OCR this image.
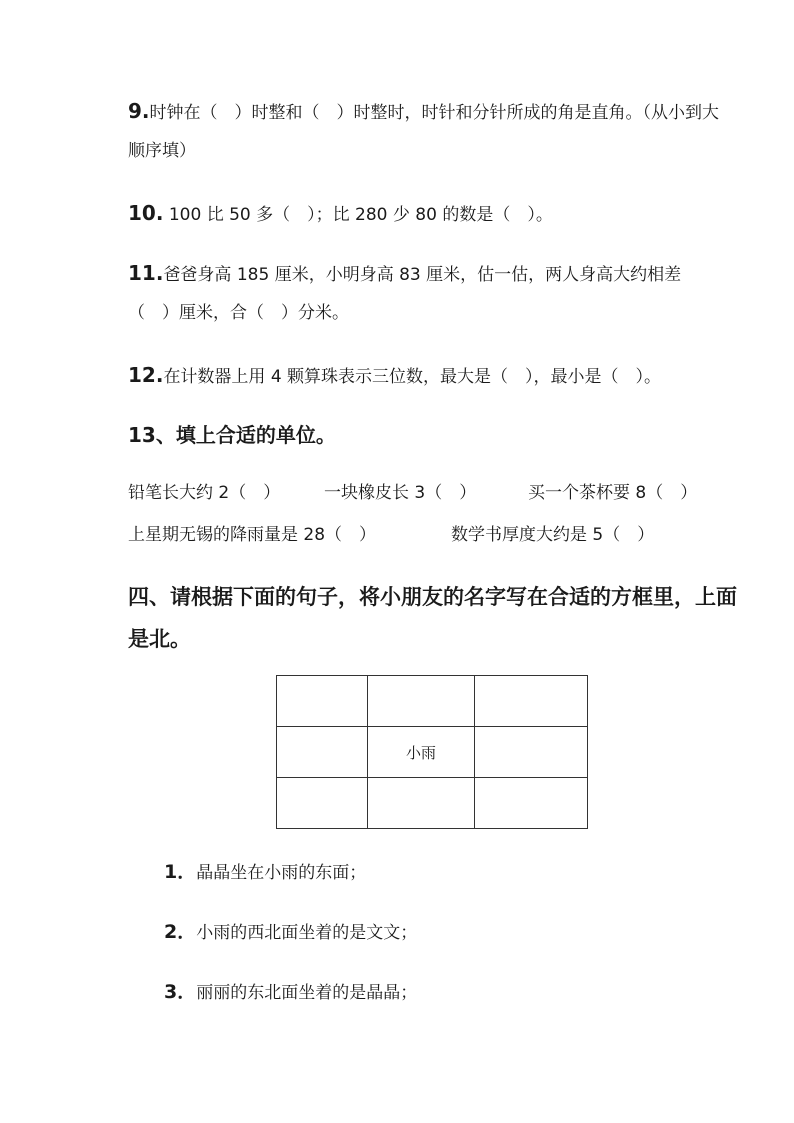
9.时钟在（　）时整和（　）时整时，时针和分针所成的角是直角。（从小到大
顺序填）
10. 100 比 50 多（　）；比 280 少 80 的数是（　）。
11.爸爸身高 185 厘米，小明身高 83 厘米，估一估，两人身高大约相差
（　）厘米，合（　）分米。
12.在计数器上用 4 颗算珠表示三位数，最大是（　），最小是（　）。
13、填上合适的单位。
铅笔长大约 2（　）	一块橡皮长 3（　）	买一个茶杯要 8（　）
上星期无锡的降雨量是 28（　）	数学书厚度大约是 5（　）
四、请根据下面的句子，将小朋友的名字写在合适的方框里，上面
是北。

	小雨	

1．晶晶坐在小雨的东面；
2．小雨的西北面坐着的是文文；
3．丽丽的东北面坐着的是晶晶；
